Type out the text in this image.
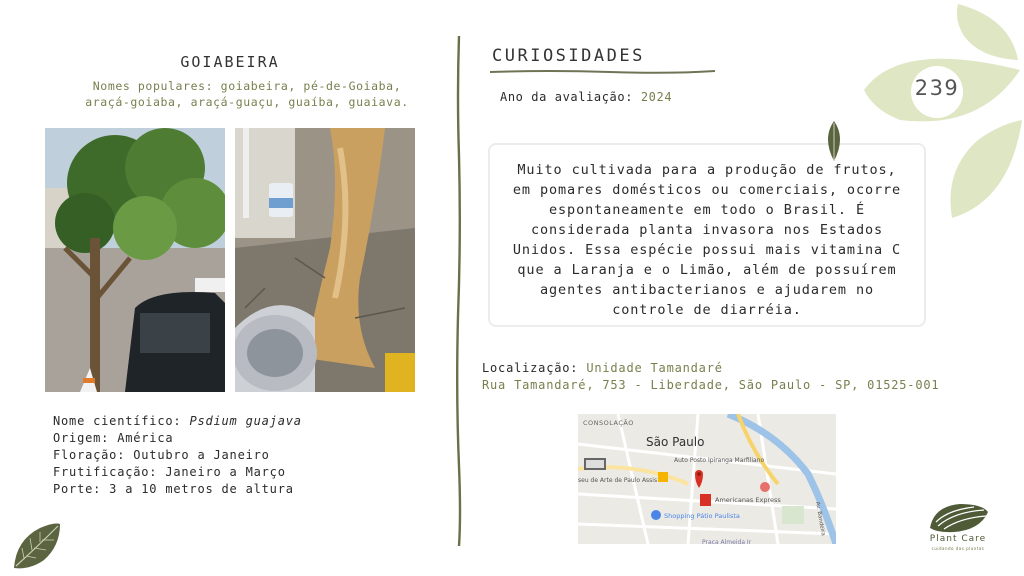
GOIABEIRA
Nomes populares: goiabeira, pé-de-Goiaba, araçá-goiaba, araçá-guaçu, guaíba, guaiava.
Nome científico: Psdium guajava
Origem: América
Floração: Outubro a Janeiro
Frutificação: Janeiro a Março
Porte: 3 a 10 metros de altura
CURIOSIDADES
Ano da avaliação: 2024
Muito cultivada para a produção de frutos, em pomares domésticos ou comerciais, ocorre espontaneamente em todo o Brasil. É considerada planta invasora nos Estados Unidos. Essa espécie possui mais vitamina C que a Laranja e o Limão, além de possuírem agentes antibacterianos e ajudarem no controle de diarréia.
Localização: Unidade Tamandaré
Rua Tamandaré, 753 - Liberdade, São Paulo - SP, 01525-001
CONSOLAÇÃO
São Paulo
Auto Posto Ipiranga Marfiliano
seu de Arte de Paulo Assis
Americanas Express
Shopping Pátio Paulista
Praça Almeida Jr
Av. Bandeira
239
Plant Care
cuidando das plantas
